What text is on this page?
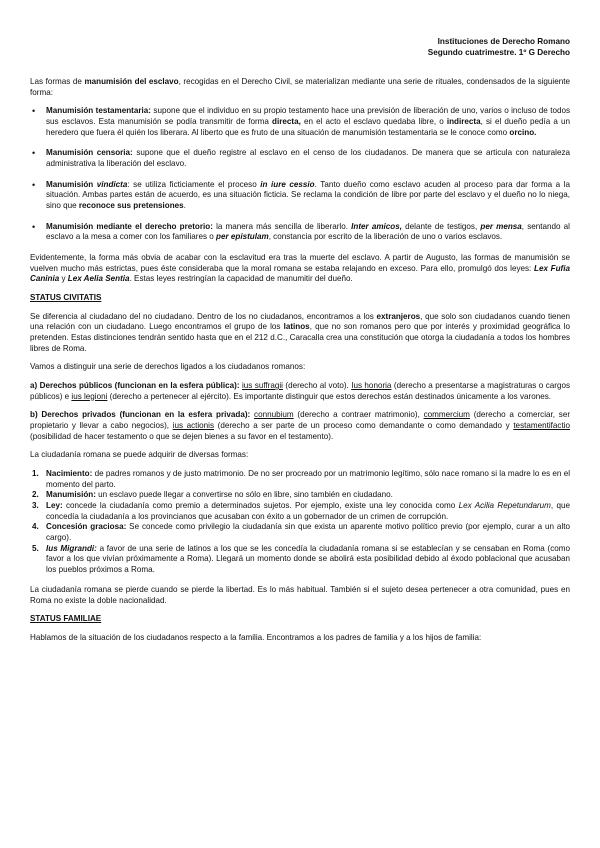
Instituciones de Derecho Romano
Segundo cuatrimestre. 1º G Derecho

Las formas de manumisión del esclavo, recogidas en el Derecho Civil, se materializan mediante una serie de rituales, condensados de la siguiente forma:

• Manumisión testamentaria: supone que el individuo en su propio testamento hace una previsión de liberación de uno, varios o incluso de todos sus esclavos. Esta manumisión se podía transmitir de forma directa, en el acto el esclavo quedaba libre, o indirecta, si el dueño pedía a un heredero que fuera él quién los liberara. Al liberto que es fruto de una situación de manumisión testamentaria se le conoce como orcino.
• Manumisión censoria: supone que el dueño registre al esclavo en el censo de los ciudadanos. De manera que se articula con naturaleza administrativa la liberación del esclavo.
• Manumisión vindicta: se utiliza ficticiamente el proceso in iure cessio. Tanto dueño como esclavo acuden al proceso para dar forma a la situación. Ambas partes están de acuerdo, es una situación ficticia. Se reclama la condición de libre por parte del esclavo y el dueño no lo niega, sino que reconoce sus pretensiones.
• Manumisión mediante el derecho pretorio: la manera más sencilla de liberarlo. Inter amicos, delante de testigos, per mensa, sentando al esclavo a la mesa a comer con los familiares o per epistulam, constancia por escrito de la liberación de uno o varios esclavos.

Evidentemente, la forma más obvia de acabar con la esclavitud era tras la muerte del esclavo. A partir de Augusto, las formas de manumisión se vuelven mucho más estrictas, pues éste consideraba que la moral romana se estaba relajando en exceso. Para ello, promulgó dos leyes: Lex Fufia Caninia y Lex Aelia Sentia. Estas leyes restringían la capacidad de manumitir del dueño.

STATUS CIVITATIS

Se diferencia al ciudadano del no ciudadano. Dentro de los no ciudadanos, encontramos a los extranjeros, que solo son ciudadanos cuando tienen una relación con un ciudadano. Luego encontramos el grupo de los latinos, que no son romanos pero que por interés y proximidad geográfica lo pretenden. Estas distinciones tendrán sentido hasta que en el 212 d.C., Caracalla crea una constitución que otorga la ciudadanía a todos los hombres libres de Roma.

Vamos a distinguir una serie de derechos ligados a los ciudadanos romanos:

a) Derechos públicos (funcionan en la esfera pública): ius suffragii (derecho al voto). Ius honoria (derecho a presentarse a magistraturas o cargos públicos) e ius legioni (derecho a pertenecer al ejército). Es importante distinguir que estos derechos están destinados únicamente a los varones.

b) Derechos privados (funcionan en la esfera privada): connubium (derecho a contraer matrimonio), commercium (derecho a comerciar, ser propietario y llevar a cabo negocios), ius actionis (derecho a ser parte de un proceso como demandante o como demandado y testamentifactio (posibilidad de hacer testamento o que se dejen bienes a su favor en el testamento).

La ciudadanía romana se puede adquirir de diversas formas:

1. Nacimiento: de padres romanos y de justo matrimonio. De no ser procreado por un matrimonio legítimo, sólo nace romano si la madre lo es en el momento del parto.
2. Manumisión: un esclavo puede llegar a convertirse no sólo en libre, sino también en ciudadano.
3. Ley: concede la ciudadanía como premio a determinados sujetos. Por ejemplo, existe una ley conocida como Lex Acilia Repetundarum, que concedía la ciudadanía a los provincianos que acusaban con éxito a un gobernador de un crimen de corrupción.
4. Concesión graciosa: Se concede como privilegio la ciudadanía sin que exista un aparente motivo político previo (por ejemplo, curar a un alto cargo).
5. Ius Migrandi: a favor de una serie de latinos a los que se les concedía la ciudadanía romana si se establecían y se censaban en Roma (como favor a los que vivían próximamente a Roma). Llegará un momento donde se abolirá esta posibilidad debido al éxodo poblacional que acusaban los pueblos próximos a Roma.

La ciudadanía romana se pierde cuando se pierde la libertad. Es lo más habitual. También si el sujeto desea pertenecer a otra comunidad, pues en Roma no existe la doble nacionalidad.

STATUS FAMILIAE

Hablamos de la situación de los ciudadanos respecto a la familia. Encontramos a los padres de familia y a los hijos de familia:
